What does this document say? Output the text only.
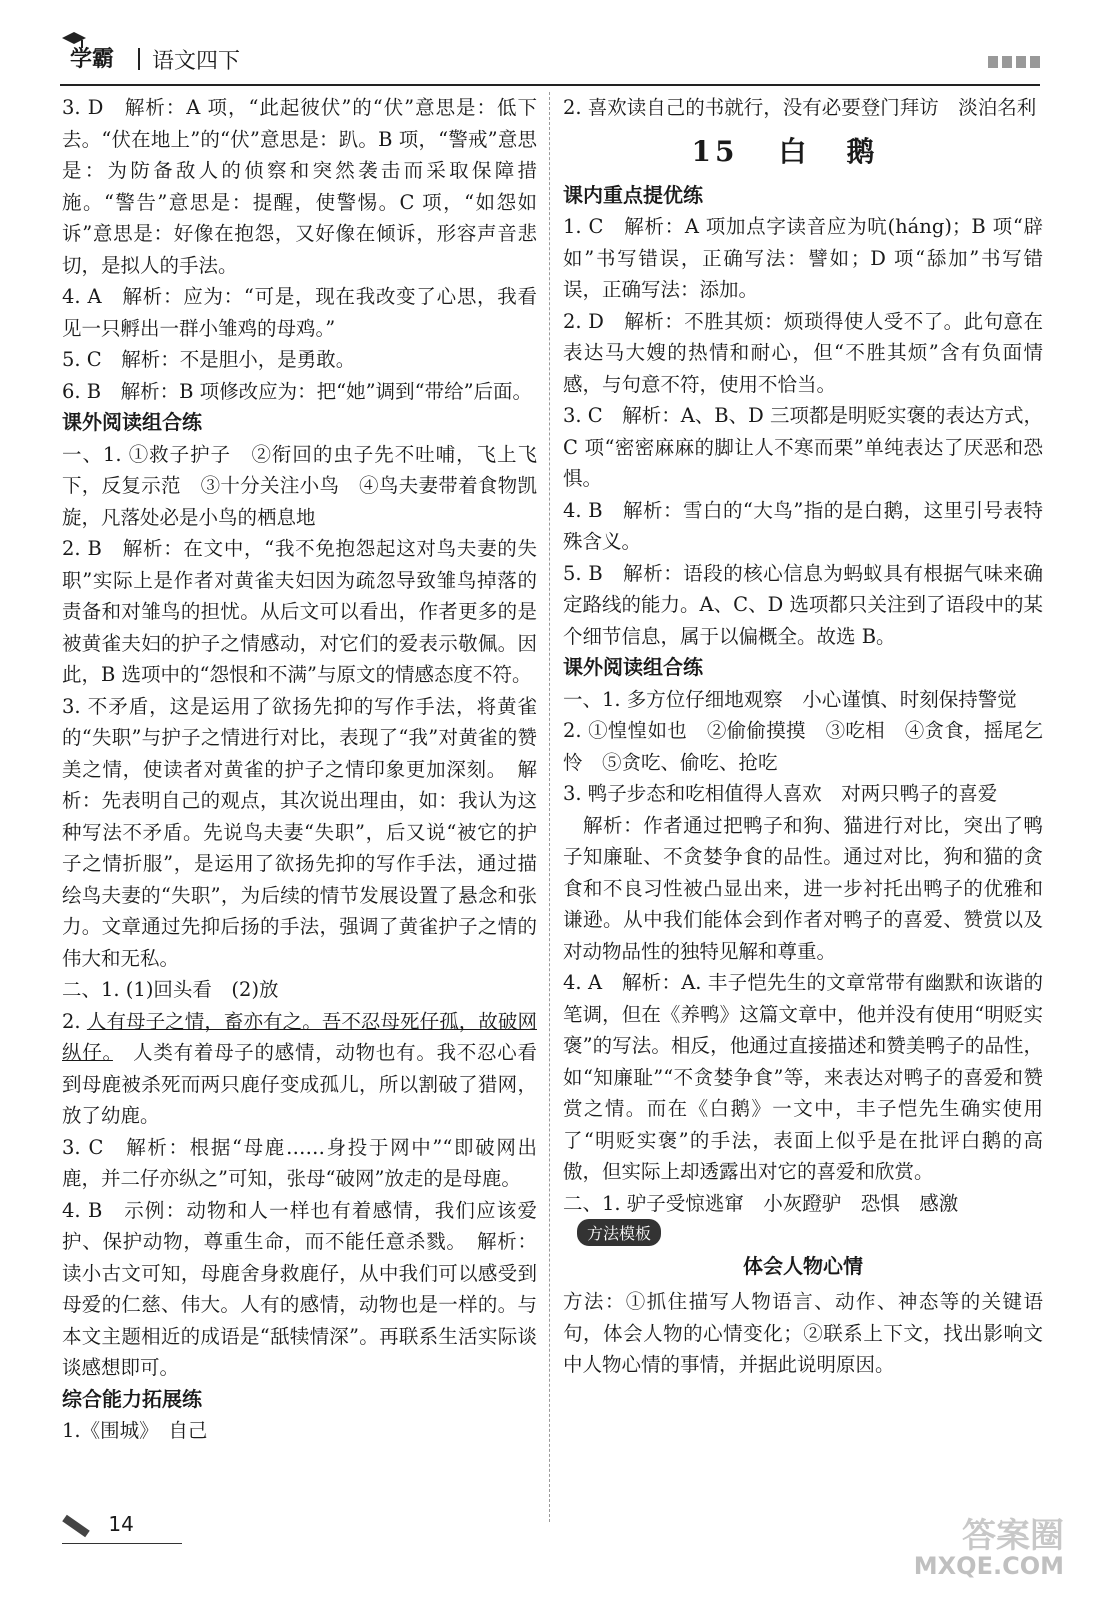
学霸 语文四下

3. D　解析：A 项，“此起彼伏”的“伏”意思是：低下去。“伏在地上”的“伏”意思是：趴。B 项，“警戒”意思是：为防备敌人的侦察和突然袭击而采取保障措施。“警告”意思是：提醒，使警惕。C 项，“如怨如诉”意思是：好像在抱怨，又好像在倾诉，形容声音悲切，是拟人的手法。

4. A　解析：应为：“可是，现在我改变了心思，我看见一只孵出一群小雏鸡的母鸡。”

5. C　解析：不是胆小，是勇敢。

6. B　解析：B 项修改应为：把“她”调到“带给”后面。

课外阅读组合练

一、1. ①救子护子　②衔回的虫子先不吐哺，飞上飞下，反复示范　③十分关注小鸟　④鸟夫妻带着食物凯旋，凡落处必是小鸟的栖息地

2. B　解析：在文中，“我不免抱怨起这对鸟夫妻的失职”实际上是作者对黄雀夫妇因为疏忽导致雏鸟掉落的责备和对雏鸟的担忧。从后文可以看出，作者更多的是被黄雀夫妇的护子之情感动，对它们的爱表示敬佩。因此，B 选项中的“怨恨和不满”与原文的情感态度不符。

3. 不矛盾，这是运用了欲扬先抑的写作手法，将黄雀的“失职”与护子之情进行对比，表现了“我”对黄雀的赞美之情，使读者对黄雀的护子之情印象更加深刻。　解析：先表明自己的观点，其次说出理由，如：我认为这种写法不矛盾。先说鸟夫妻“失职”，后又说“被它的护子之情折服”，是运用了欲扬先抑的写作手法，通过描绘鸟夫妻的“失职”，为后续的情节发展设置了悬念和张力。文章通过先抑后扬的手法，强调了黄雀护子之情的伟大和无私。

二、1. (1)回头看　(2)放

2. 人有母子之情，畜亦有之。吾不忍母死仔孤，故破网纵仔。　人类有着母子的感情，动物也有。我不忍心看到母鹿被杀死而两只鹿仔变成孤儿，所以割破了猎网，放了幼鹿。

3. C　解析：根据“母鹿……身投于网中”“即破网出鹿，并二仔亦纵之”可知，张母“破网”放走的是母鹿。

4. B　示例：动物和人一样也有着感情，我们应该爱护、保护动物，尊重生命，而不能任意杀戮。　解析：读小古文可知，母鹿舍身救鹿仔，从中我们可以感受到母爱的仁慈、伟大。人有的感情，动物也是一样的。与本文主题相近的成语是“舐犊情深”。再联系生活实际谈谈感想即可。

综合能力拓展练

1.《围城》　自己

2. 喜欢读自己的书就行，没有必要登门拜访　淡泊名利

15 白鹅

课内重点提优练

1. C　解析：A 项加点字读音应为吭(háng)；B 项“辟如”书写错误，正确写法：譬如；D 项“舔加”书写错误，正确写法：添加。

2. D　解析：不胜其烦：烦琐得使人受不了。此句意在表达马大嫂的热情和耐心，但“不胜其烦”含有负面情感，与句意不符，使用不恰当。

3. C　解析：A、B、D 三项都是明贬实褒的表达方式，C 项“密密麻麻的脚让人不寒而栗”单纯表达了厌恶和恐惧。

4. B　解析：雪白的“大鸟”指的是白鹅，这里引号表特殊含义。

5. B　解析：语段的核心信息为蚂蚁具有根据气味来确定路线的能力。A、C、D 选项都只关注到了语段中的某个细节信息，属于以偏概全。故选 B。

课外阅读组合练

一、1. 多方位仔细地观察　小心谨慎、时刻保持警觉

2. ①惶惶如也　②偷偷摸摸　③吃相　④贪食，摇尾乞怜　⑤贪吃、偷吃、抢吃

3. 鸭子步态和吃相值得人喜欢　对两只鸭子的喜爱

　解析：作者通过把鸭子和狗、猫进行对比，突出了鸭子知廉耻、不贪婪争食的品性。通过对比，狗和猫的贪食和不良习性被凸显出来，进一步衬托出鸭子的优雅和谦逊。从中我们能体会到作者对鸭子的喜爱、赞赏以及对动物品性的独特见解和尊重。

4. A　解析：A. 丰子恺先生的文章常带有幽默和诙谐的笔调，但在《养鸭》这篇文章中，他并没有使用“明贬实褒”的写法。相反，他通过直接描述和赞美鸭子的品性，如“知廉耻”“不贪婪争食”等，来表达对鸭子的喜爱和赞赏之情。而在《白鹅》一文中，丰子恺先生确实使用了“明贬实褒”的手法，表面上似乎是在批评白鹅的高傲，但实际上却透露出对它的喜爱和欣赏。

二、1. 驴子受惊逃窜　小灰蹬驴　恐惧　感激

方法模板

体会人物心情

方法：①抓住描写人物语言、动作、神态等的关键语句，体会人物的心情变化；②联系上下文，找出影响文中人物心情的事情，并据此说明原因。

14	答案圈
MXQE.COM
